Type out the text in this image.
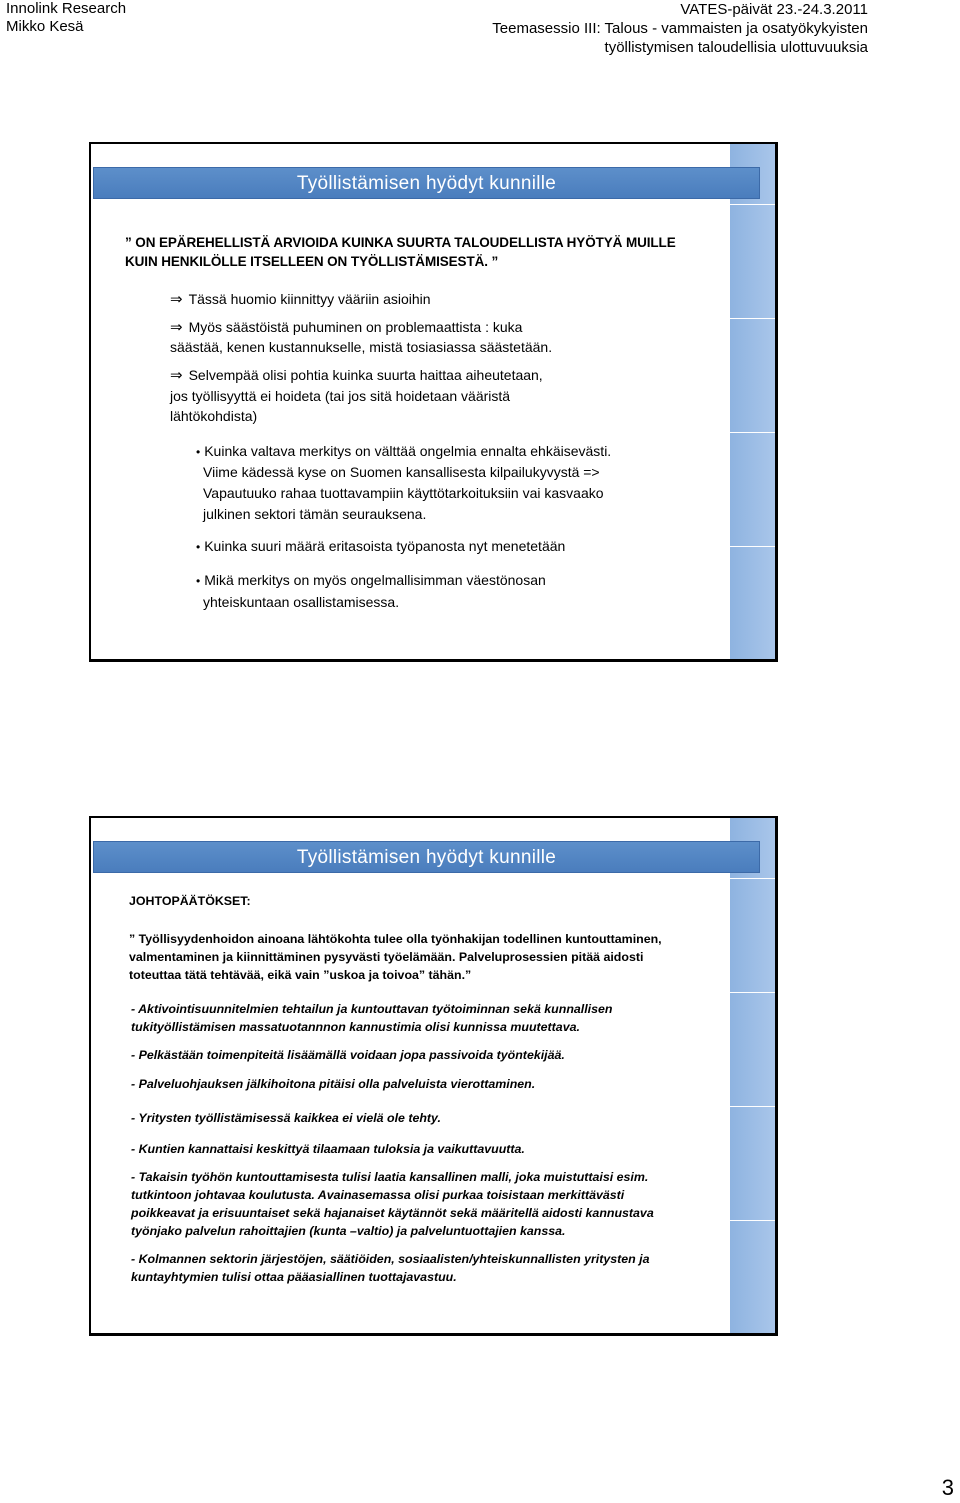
Innolink Research
Mikko Kesä
VATES-päivät 23.-24.3.2011
Teemasessio III: Talous - vammaisten ja osatyökykyisten
työllistymisen taloudellisia ulottuvuuksia
Työllistämisen hyödyt kunnille
” ON EPÄREHELLISTÄ ARVIOIDA KUINKA SUURTA TALOUDELLISTA HYÖTYÄ MUILLE
KUIN HENKILÖLLE ITSELLEEN ON TYÖLLISTÄMISESTÄ. ”
⇒ Tässä huomio kiinnittyy vääriin asioihin
⇒ Myös säästöistä puhuminen on problemaattista : kuka
säästää, kenen kustannukselle, mistä tosiasiassa säästetään.
⇒ Selvempää olisi pohtia kuinka suurta haittaa aiheutetaan,
jos työllisyyttä ei hoideta (tai jos sitä hoidetaan vääristä
lähtökohdista)
• Kuinka valtava merkitys on välttää ongelmia ennalta ehkäisevästi.
Viime kädessä kyse on Suomen kansallisesta kilpailukyvystä =>
Vapautuuko rahaa tuottavampiin käyttötarkoituksiin vai kasvaako
julkinen sektori tämän seurauksena.
• Kuinka suuri määrä eritasoista työpanosta nyt menetetään
• Mikä merkitys on myös ongelmallisimman väestönosan
yhteiskuntaan osallistamisessa.
Työllistämisen hyödyt kunnille
JOHTOPÄÄTÖKSET:
” Työllisyydenhoidon ainoana lähtökohta tulee olla työnhakijan todellinen kuntouttaminen,
valmentaminen ja kiinnittäminen pysyvästi työelämään. Palveluprosessien pitää aidosti
toteuttaa tätä tehtävää, eikä vain ”uskoa ja toivoa” tähän.”
- Aktivointisuunnitelmien tehtailun ja kuntouttavan työtoiminnan sekä kunnallisen
tukityöllistämisen massatuotannnon kannustimia olisi kunnissa muutettava.
- Pelkästään toimenpiteitä lisäämällä voidaan jopa passivoida työntekijää.
- Palveluohjauksen jälkihoitona pitäisi olla palveluista vierottaminen.
- Yritysten työllistämisessä kaikkea ei vielä ole tehty.
- Kuntien kannattaisi keskittyä tilaamaan tuloksia ja vaikuttavuutta.
- Takaisin työhön kuntouttamisesta tulisi laatia kansallinen malli, joka muistuttaisi esim.
tutkintoon johtavaa koulutusta. Avainasemassa olisi purkaa toisistaan merkittävästi
poikkeavat ja erisuuntaiset sekä hajanaiset käytännöt sekä määritellä aidosti kannustava
työnjako palvelun rahoittajien (kunta –valtio) ja palveluntuottajien kanssa.
- Kolmannen sektorin järjestöjen, säätiöiden, sosiaalisten/yhteiskunnallisten yritysten ja
kuntayhtymien tulisi ottaa pääasiallinen tuottajavastuu.
3
